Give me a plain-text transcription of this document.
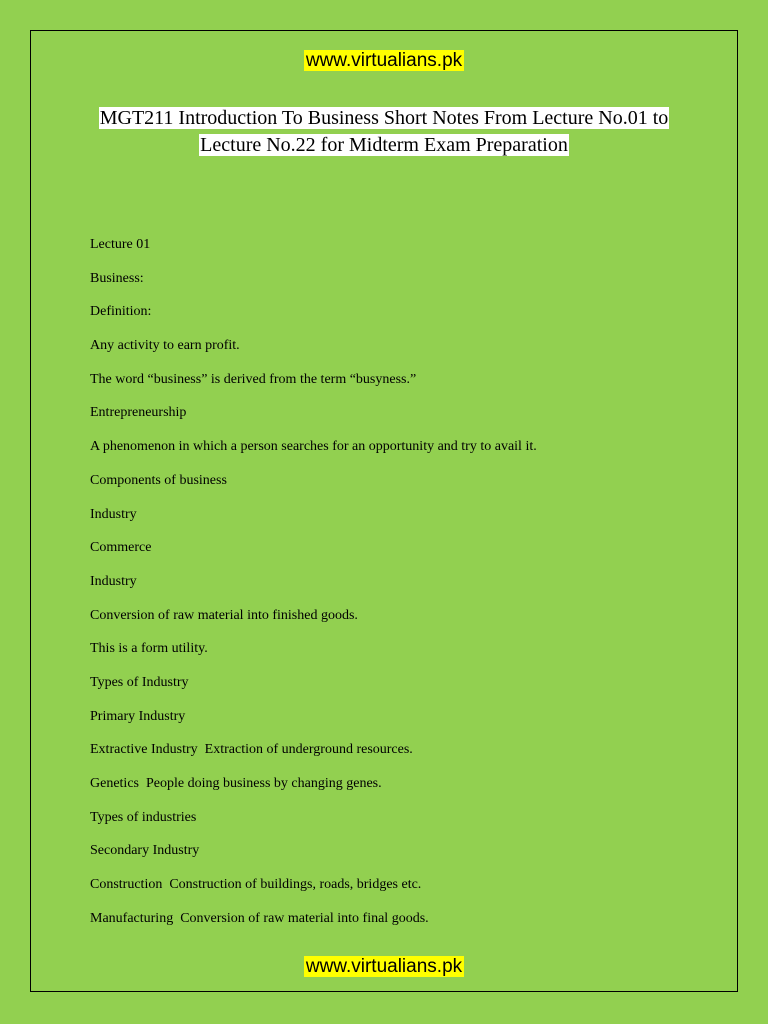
www.virtualians.pk
MGT211 Introduction To Business Short Notes From Lecture No.01 to
Lecture No.22 for Midterm Exam Preparation
Lecture 01
Business:
Definition:
Any activity to earn profit.
The word “business” is derived from the term “busyness.”
Entrepreneurship
A phenomenon in which a person searches for an opportunity and try to avail it.
Components of business
Industry
Commerce
Industry
Conversion of raw material into finished goods.
This is a form utility.
Types of Industry
Primary Industry
Extractive Industry  Extraction of underground resources.
Genetics  People doing business by changing genes.
Types of industries
Secondary Industry
Construction  Construction of buildings, roads, bridges etc.
Manufacturing  Conversion of raw material into final goods.
www.virtualians.pk
